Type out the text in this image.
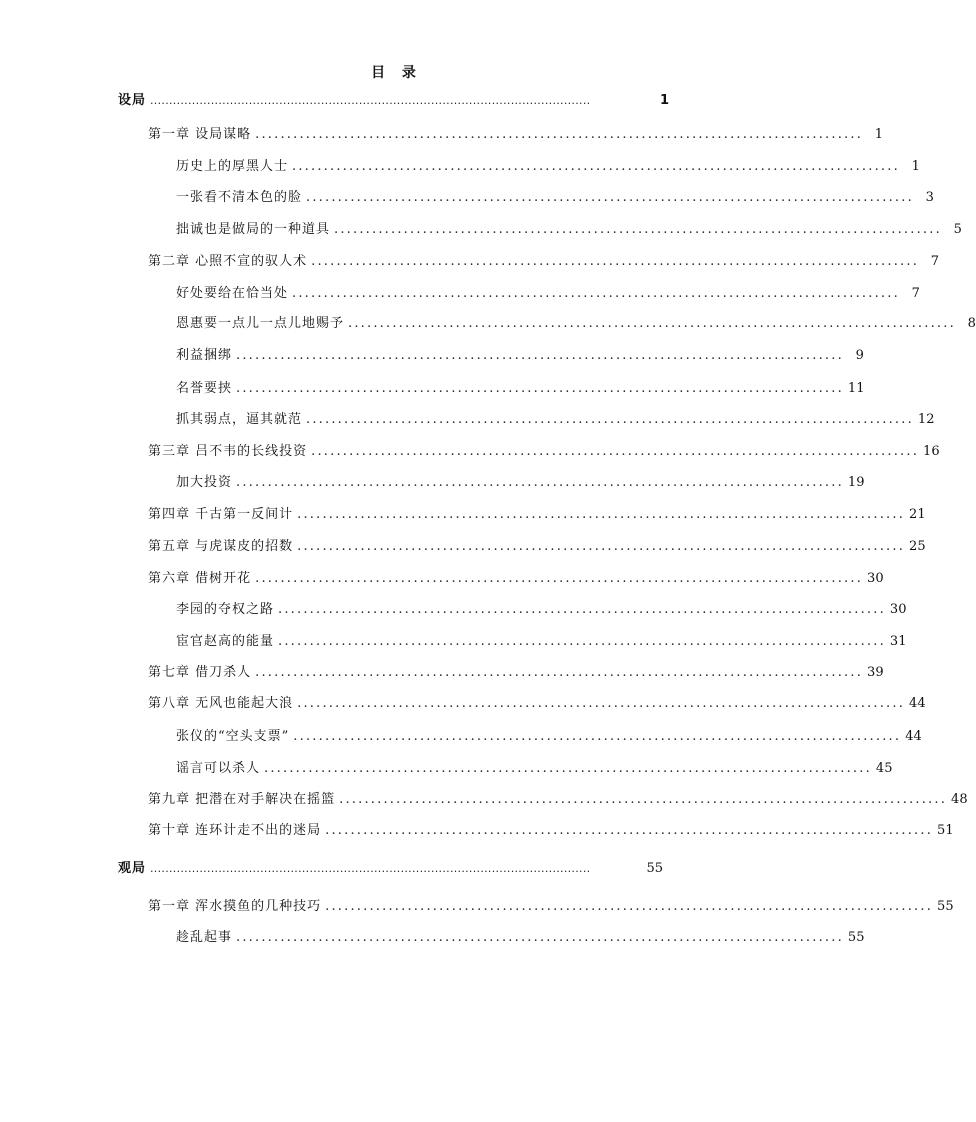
目 录
设局 ....................................................................................................................	1
第一章 设局谋略 ................................................................................................ 1
历史上的厚黑人士 ................................................................................................ 1
一张看不清本色的脸 ................................................................................................ 3
拙诚也是做局的一种道具 ................................................................................................ 5
第二章 心照不宣的驭人术 ................................................................................................ 7
好处要给在恰当处 ................................................................................................ 7
恩惠要一点儿一点儿地赐予 ................................................................................................ 8
利益捆绑 ................................................................................................ 9
名誉要挟 ................................................................................................ 11
抓其弱点，逼其就范 ................................................................................................ 12
第三章 吕不韦的长线投资 ................................................................................................ 16
加大投资 ................................................................................................ 19
第四章 千古第一反间计 ................................................................................................ 21
第五章 与虎谋皮的招数 ................................................................................................ 25
第六章 借树开花 ................................................................................................ 30
李园的夺权之路 ................................................................................................ 30
宦官赵高的能量 ................................................................................................ 31
第七章 借刀杀人 ................................................................................................ 39
第八章 无风也能起大浪 ................................................................................................ 44
张仪的“空头支票” ................................................................................................ 44
谣言可以杀人 ................................................................................................ 45
第九章 把潜在对手解决在摇篮 ................................................................................................ 48
第十章 连环计走不出的迷局 ................................................................................................ 51
观局 ....................................................................................................................	55
第一章 浑水摸鱼的几种技巧 ................................................................................................ 55
趁乱起事 ................................................................................................ 55
